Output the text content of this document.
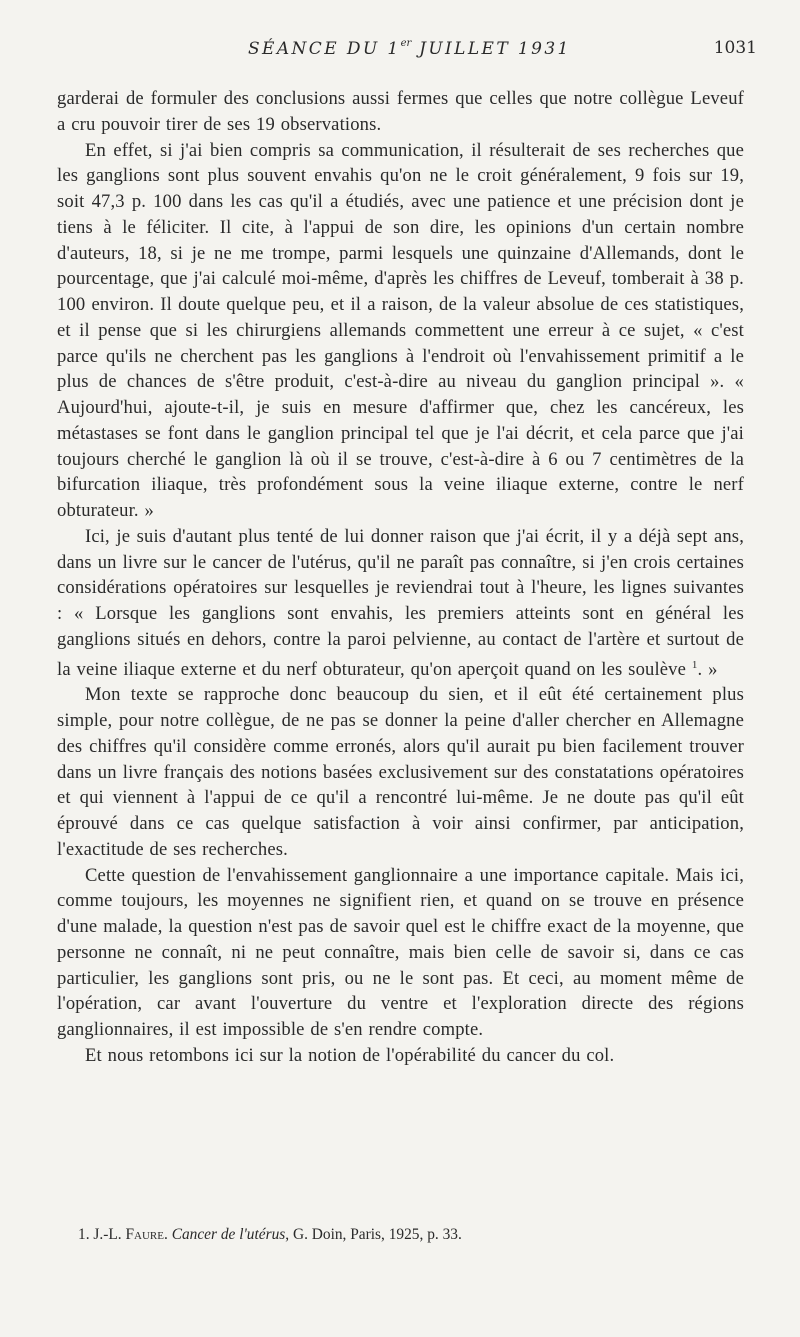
SÉANCE DU 1er JUILLET 1931	1031

garderai de formuler des conclusions aussi fermes que celles que notre collègue Leveuf a cru pouvoir tirer de ses 19 observations.

En effet, si j'ai bien compris sa communication, il résulterait de ses recherches que les ganglions sont plus souvent envahis qu'on ne le croit généralement, 9 fois sur 19, soit 47,3 p. 100 dans les cas qu'il a étudiés, avec une patience et une précision dont je tiens à le féliciter. Il cite, à l'appui de son dire, les opinions d'un certain nombre d'auteurs, 18, si je ne me trompe, parmi lesquels une quinzaine d'Allemands, dont le pourcentage, que j'ai calculé moi-même, d'après les chiffres de Leveuf, tomberait à 38 p. 100 environ. Il doute quelque peu, et il a raison, de la valeur absolue de ces statistiques, et il pense que si les chirurgiens allemands commettent une erreur à ce sujet, « c'est parce qu'ils ne cherchent pas les ganglions à l'endroit où l'envahissement primitif a le plus de chances de s'être produit, c'est-à-dire au niveau du ganglion principal ». « Aujourd'hui, ajoute-t-il, je suis en mesure d'affirmer que, chez les cancéreux, les métastases se font dans le ganglion principal tel que je l'ai décrit, et cela parce que j'ai toujours cherché le ganglion là où il se trouve, c'est-à-dire à 6 ou 7 centimètres de la bifurcation iliaque, très profondément sous la veine iliaque externe, contre le nerf obturateur. »

Ici, je suis d'autant plus tenté de lui donner raison que j'ai écrit, il y a déjà sept ans, dans un livre sur le cancer de l'utérus, qu'il ne paraît pas connaître, si j'en crois certaines considérations opératoires sur lesquelles je reviendrai tout à l'heure, les lignes suivantes : « Lorsque les ganglions sont envahis, les premiers atteints sont en général les ganglions situés en dehors, contre la paroi pelvienne, au contact de l'artère et surtout de la veine iliaque externe et du nerf obturateur, qu'on aperçoit quand on les soulève $^1$. »

Mon texte se rapproche donc beaucoup du sien, et il eût été certainement plus simple, pour notre collègue, de ne pas se donner la peine d'aller chercher en Allemagne des chiffres qu'il considère comme erronés, alors qu'il aurait pu bien facilement trouver dans un livre français des notions basées exclusivement sur des constatations opératoires et qui viennent à l'appui de ce qu'il a rencontré lui-même. Je ne doute pas qu'il eût éprouvé dans ce cas quelque satisfaction à voir ainsi confirmer, par anticipation, l'exactitude de ses recherches.

Cette question de l'envahissement ganglionnaire a une importance capitale. Mais ici, comme toujours, les moyennes ne signifient rien, et quand on se trouve en présence d'une malade, la question n'est pas de savoir quel est le chiffre exact de la moyenne, que personne ne connaît, ni ne peut connaître, mais bien celle de savoir si, dans ce cas particulier, les ganglions sont pris, ou ne le sont pas. Et ceci, au moment même de l'opération, car avant l'ouverture du ventre et l'exploration directe des régions ganglionnaires, il est impossible de s'en rendre compte.

Et nous retombons ici sur la notion de l'opérabilité du cancer du col.

1. J.-L. Faure. Cancer de l'utérus, G. Doin, Paris, 1925, p. 33.
